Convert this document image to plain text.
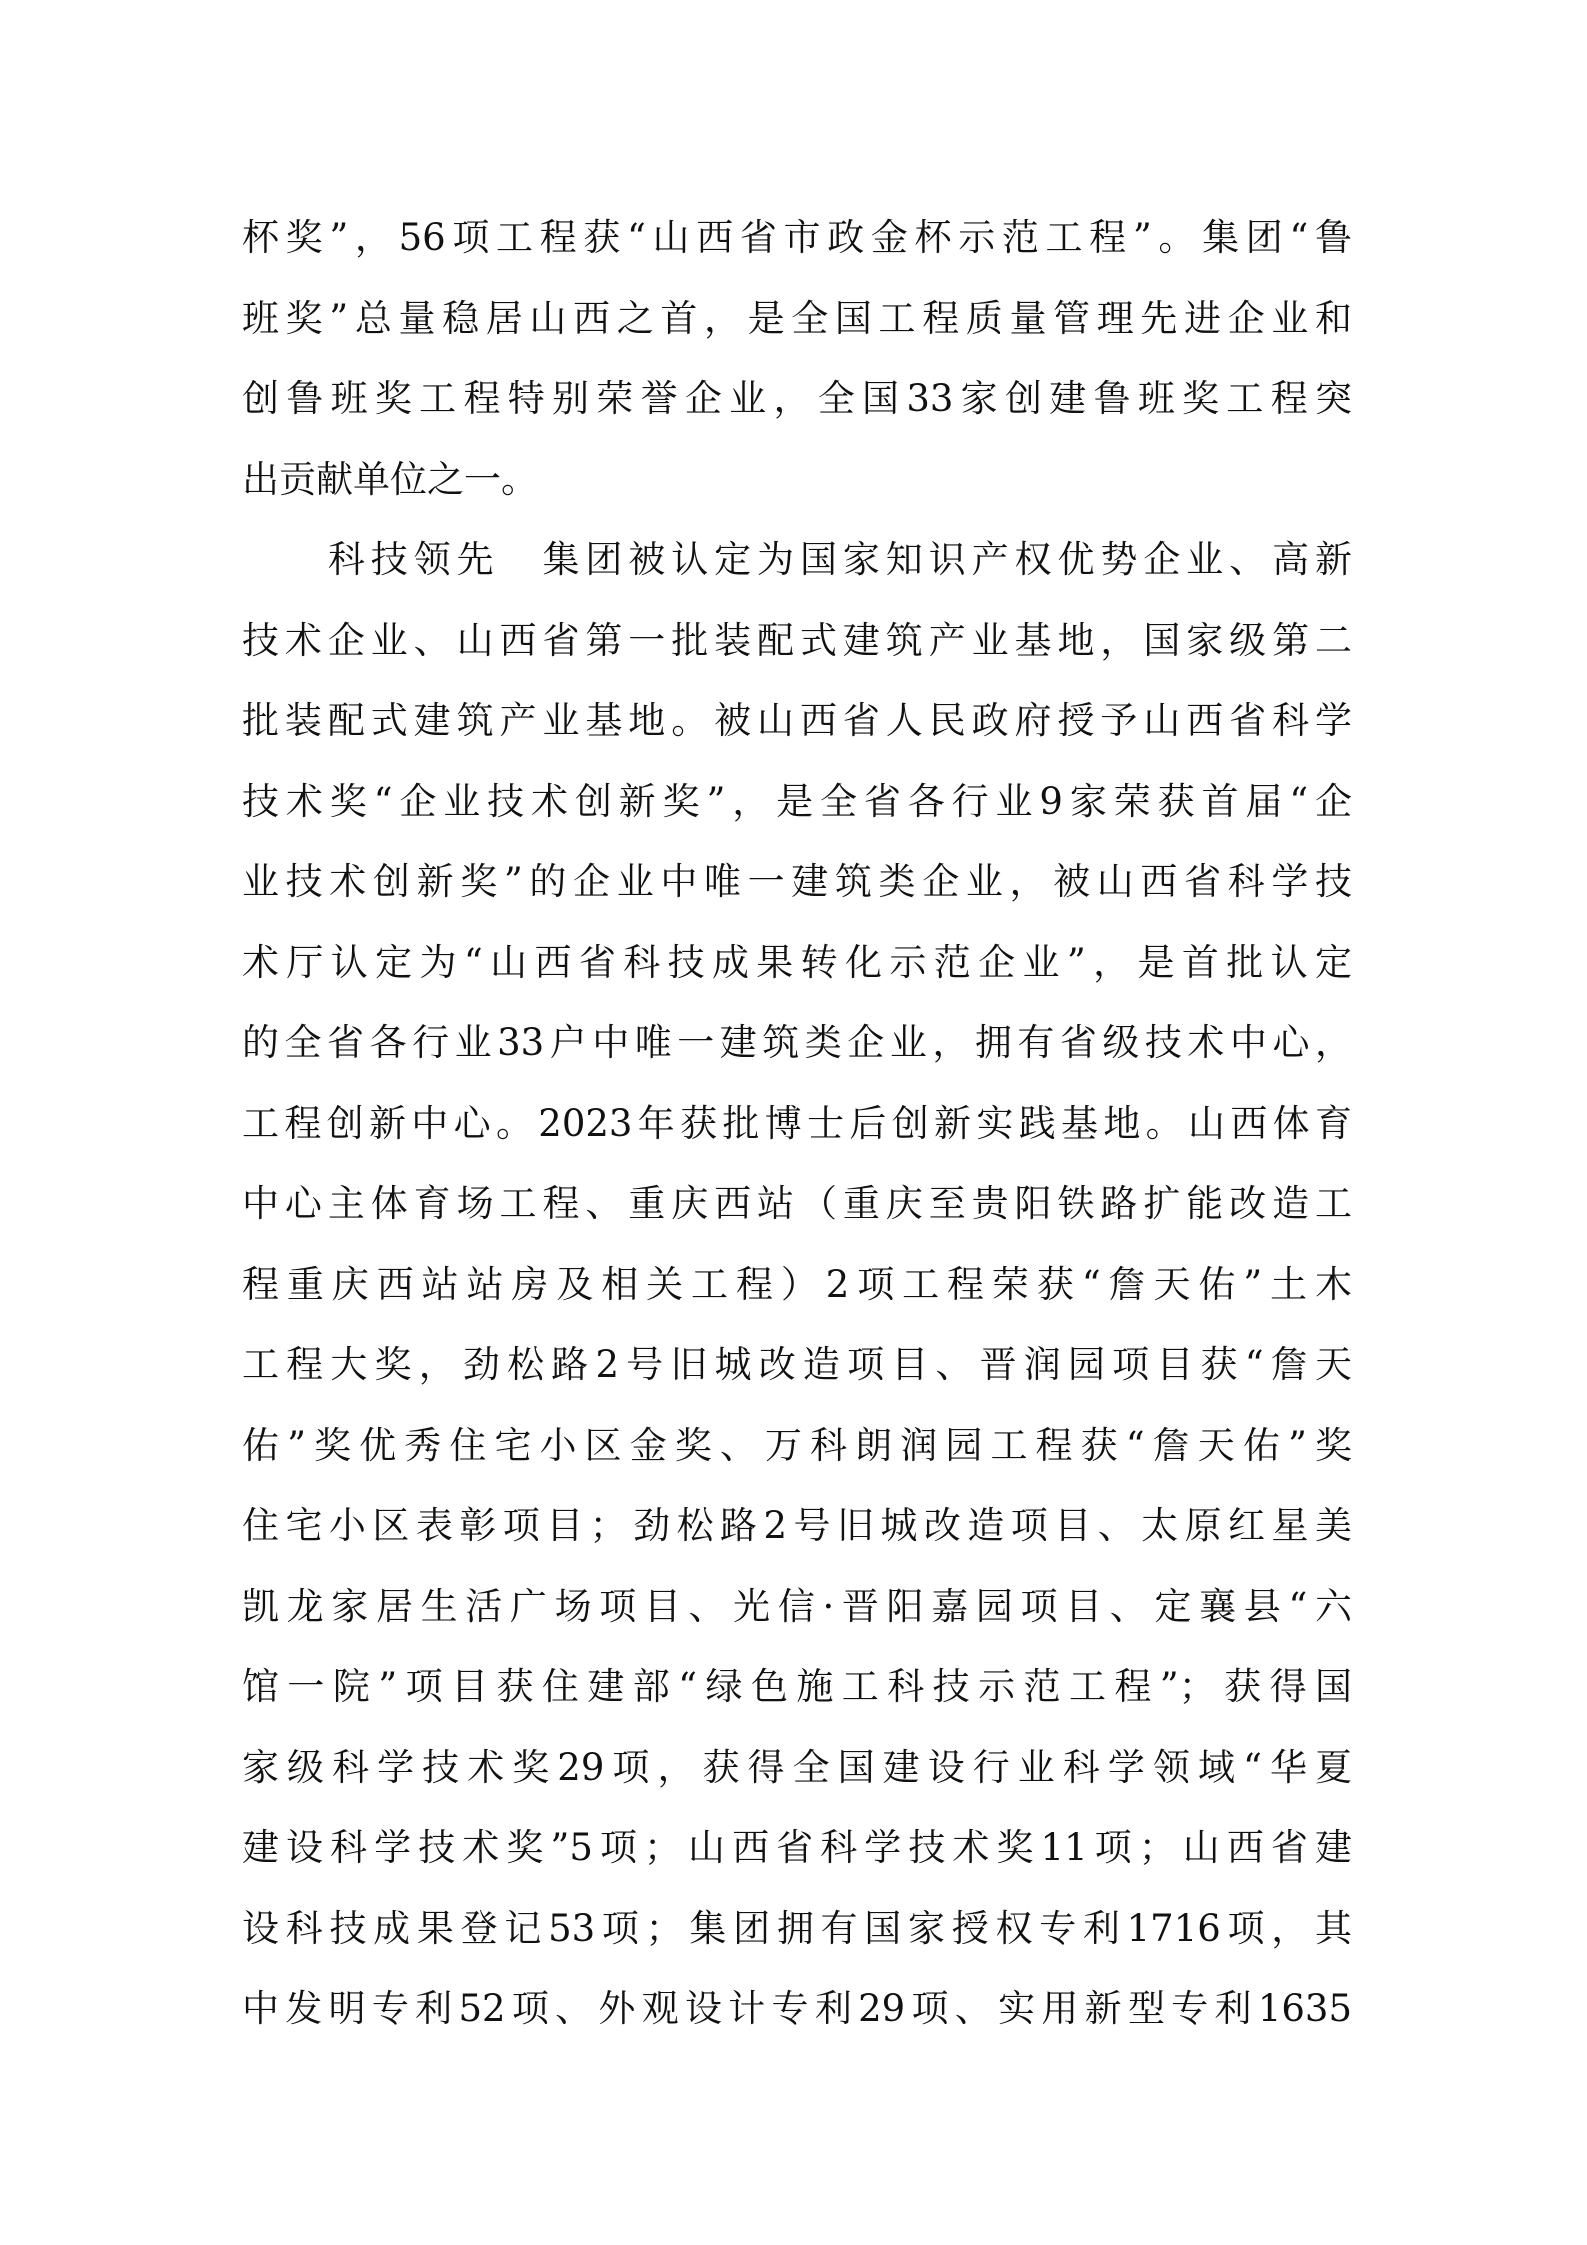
杯奖”，56项工程获“山西省市政金杯示范工程”。集团“鲁
班奖”总量稳居山西之首，是全国工程质量管理先进企业和
创鲁班奖工程特别荣誉企业，全国33家创建鲁班奖工程突
出贡献单位之一。
　　科技领先　集团被认定为国家知识产权优势企业、高新
技术企业、山西省第一批装配式建筑产业基地，国家级第二
批装配式建筑产业基地。被山西省人民政府授予山西省科学
技术奖“企业技术创新奖”，是全省各行业9家荣获首届“企
业技术创新奖”的企业中唯一建筑类企业，被山西省科学技
术厅认定为“山西省科技成果转化示范企业”，是首批认定
的全省各行业33户中唯一建筑类企业，拥有省级技术中心，
工程创新中心。2023年获批博士后创新实践基地。山西体育
中心主体育场工程、重庆西站（重庆至贵阳铁路扩能改造工
程重庆西站站房及相关工程）2项工程荣获“詹天佑”土木
工程大奖，劲松路2号旧城改造项目、晋润园项目获“詹天
佑”奖优秀住宅小区金奖、万科朗润园工程获“詹天佑”奖
住宅小区表彰项目；劲松路2号旧城改造项目、太原红星美
凯龙家居生活广场项目、光信·晋阳嘉园项目、定襄县“六
馆一院”项目获住建部“绿色施工科技示范工程”；获得国
家级科学技术奖29项，获得全国建设行业科学领域“华夏
建设科学技术奖”5项；山西省科学技术奖11项；山西省建
设科技成果登记53项；集团拥有国家授权专利1716项，其
中发明专利52项、外观设计专利29项、实用新型专利1635
